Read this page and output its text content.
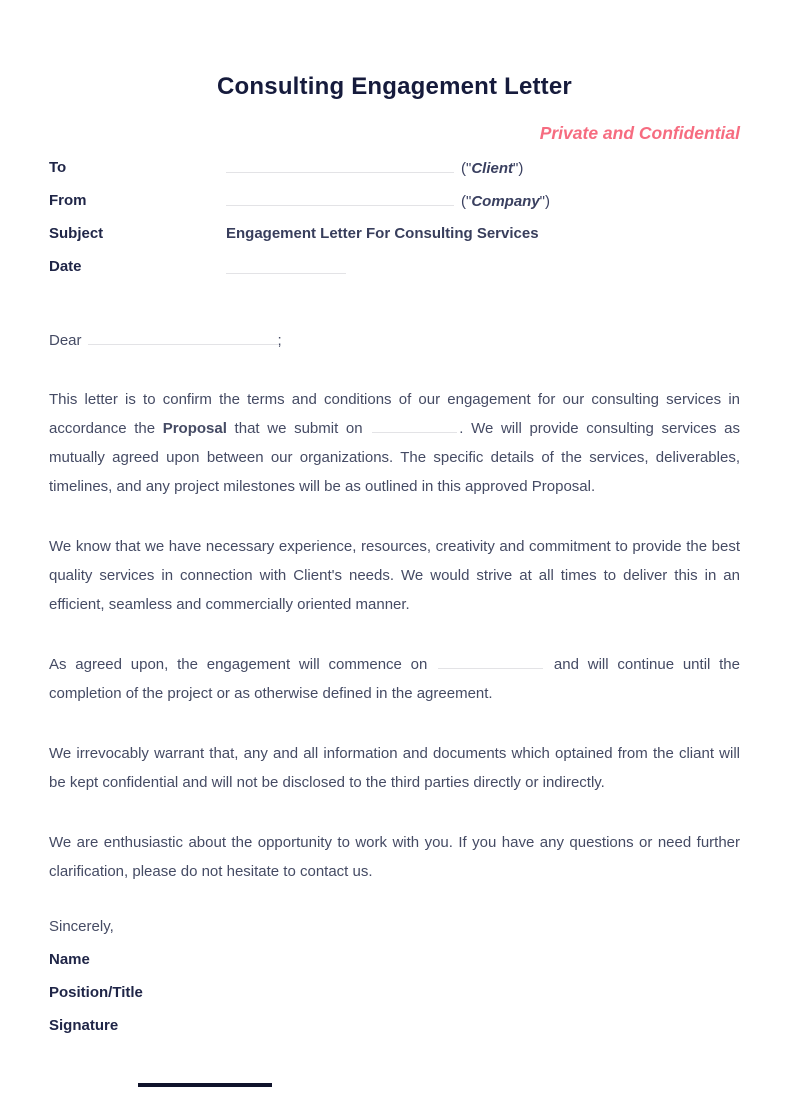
Consulting Engagement Letter
Private and Confidential
To	("Client")
From	("Company")
Subject	Engagement Letter For Consulting Services
Date
Dear	;

This letter is to confirm the terms and conditions of our engagement for our consulting services in accordance the Proposal that we submit on	. We will provide consulting services as mutually agreed upon between our organizations. The specific details of the services, deliverables, timelines, and any project milestones will be as outlined in this approved Proposal.

We know that we have necessary experience, resources, creativity and commitment to provide the best quality services in connection with Client's needs. We would strive at all times to deliver this in an efficient, seamless and commercially oriented manner.

As agreed upon, the engagement will commence on	and will continue until the completion of the project or as otherwise defined in the agreement.

We irrevocably warrant that, any and all information and documents which optained from the cliant will be kept confidential and will not be disclosed to the third parties directly or indirectly.

We are enthusiastic about the opportunity to work with you. If you have any questions or need further clarification, please do not hesitate to contact us.

Sincerely,
Name
Position/Title
Signature
